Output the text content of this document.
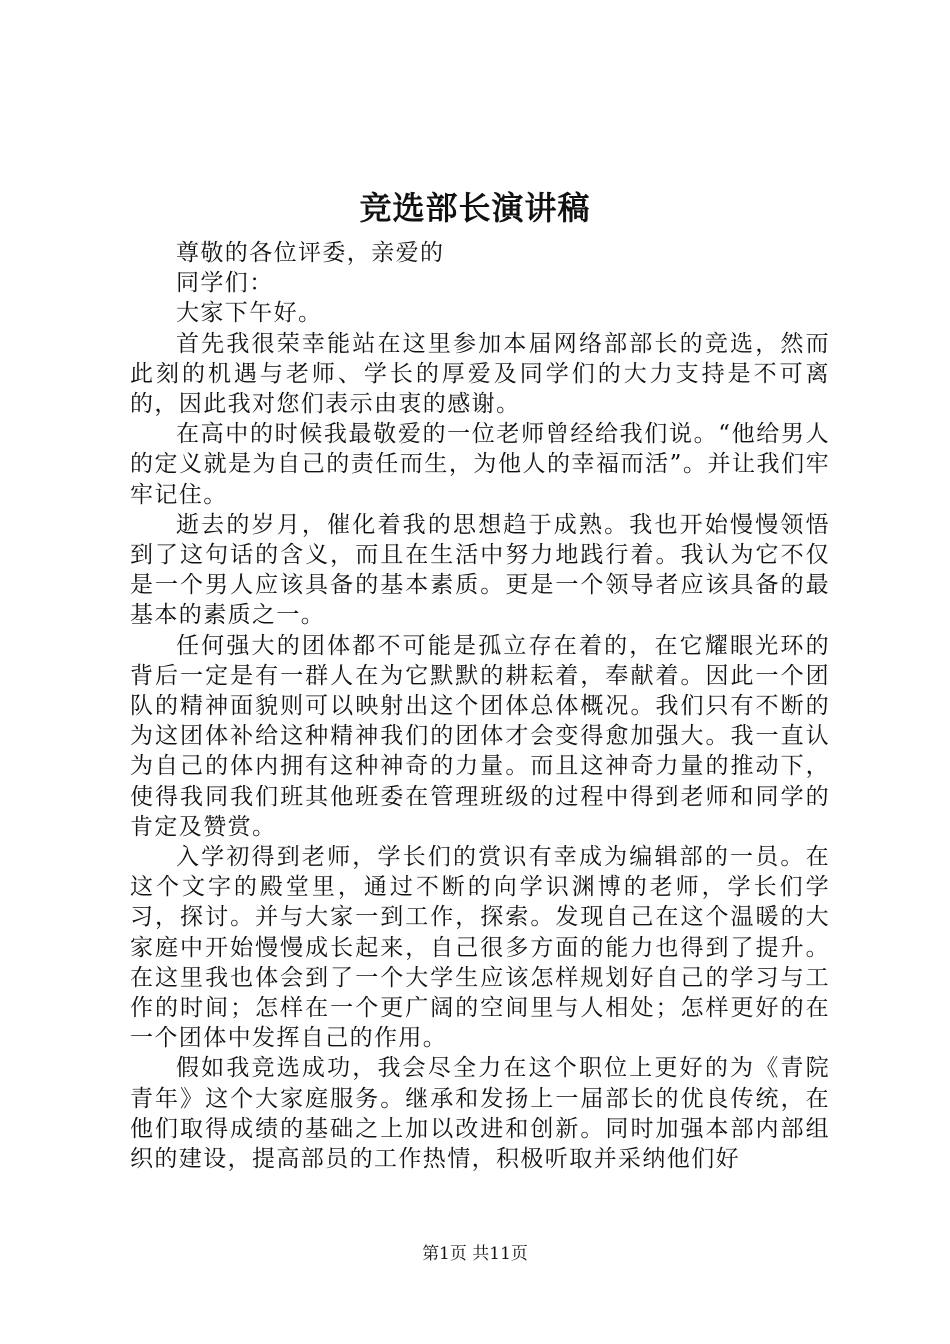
竞选部长演讲稿

尊敬的各位评委，亲爱的

同学们：

大家下午好。

首先我很荣幸能站在这里参加本届网络部部长的竞选，然而此刻的机遇与老师、学长的厚爱及同学们的大力支持是不可离的，因此我对您们表示由衷的感谢。

在高中的时候我最敬爱的一位老师曾经给我们说。“他给男人的定义就是为自己的责任而生，为他人的幸福而活”。并让我们牢牢记住。

逝去的岁月，催化着我的思想趋于成熟。我也开始慢慢领悟到了这句话的含义，而且在生活中努力地践行着。我认为它不仅是一个男人应该具备的基本素质。更是一个领导者应该具备的最基本的素质之一。

任何强大的团体都不可能是孤立存在着的，在它耀眼光环的背后一定是有一群人在为它默默的耕耘着，奉献着。因此一个团队的精神面貌则可以映射出这个团体总体概况。我们只有不断的为这团体补给这种精神我们的团体才会变得愈加强大。我一直认为自己的体内拥有这种神奇的力量。而且这神奇力量的推动下，使得我同我们班其他班委在管理班级的过程中得到老师和同学的肯定及赞赏。

入学初得到老师，学长们的赏识有幸成为编辑部的一员。在这个文字的殿堂里，通过不断的向学识渊博的老师，学长们学习，探讨。并与大家一到工作，探索。发现自己在这个温暖的大家庭中开始慢慢成长起来，自己很多方面的能力也得到了提升。在这里我也体会到了一个大学生应该怎样规划好自己的学习与工作的时间；怎样在一个更广阔的空间里与人相处；怎样更好的在一个团体中发挥自己的作用。

假如我竞选成功，我会尽全力在这个职位上更好的为《青院青年》这个大家庭服务。继承和发扬上一届部长的优良传统，在他们取得成绩的基础之上加以改进和创新。同时加强本部内部组织的建设，提高部员的工作热情，积极听取并采纳他们好

第1页 共11页
